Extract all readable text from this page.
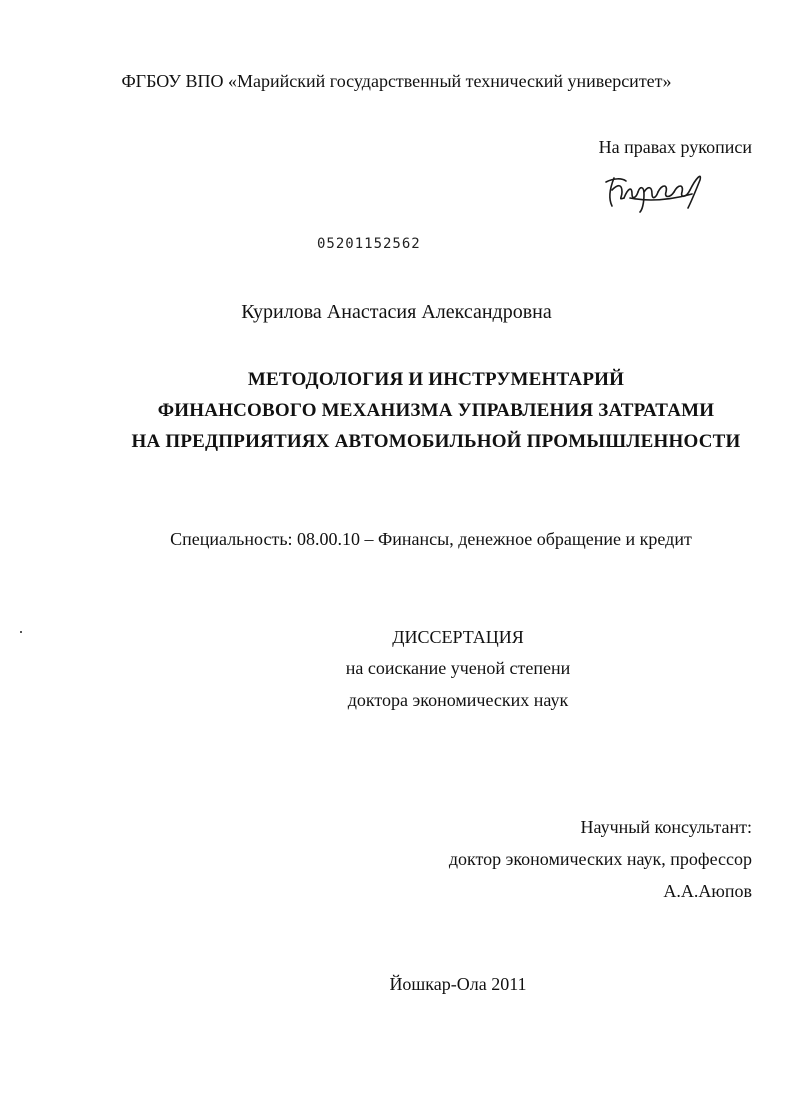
ФГБОУ ВПО «Марийский государственный технический университет»
На правах рукописи
05201152562
Курилова Анастасия Александровна
МЕТОДОЛОГИЯ И ИНСТРУМЕНТАРИЙ
ФИНАНСОВОГО МЕХАНИЗМА УПРАВЛЕНИЯ ЗАТРАТАМИ
НА ПРЕДПРИЯТИЯХ АВТОМОБИЛЬНОЙ ПРОМЫШЛЕННОСТИ
Специальность: 08.00.10 – Финансы, денежное обращение и кредит
ДИССЕРТАЦИЯ
на соискание ученой степени
доктора экономических наук
Научный консультант:
доктор экономических наук, профессор
А.А.Аюпов
Йошкар-Ола 2011
